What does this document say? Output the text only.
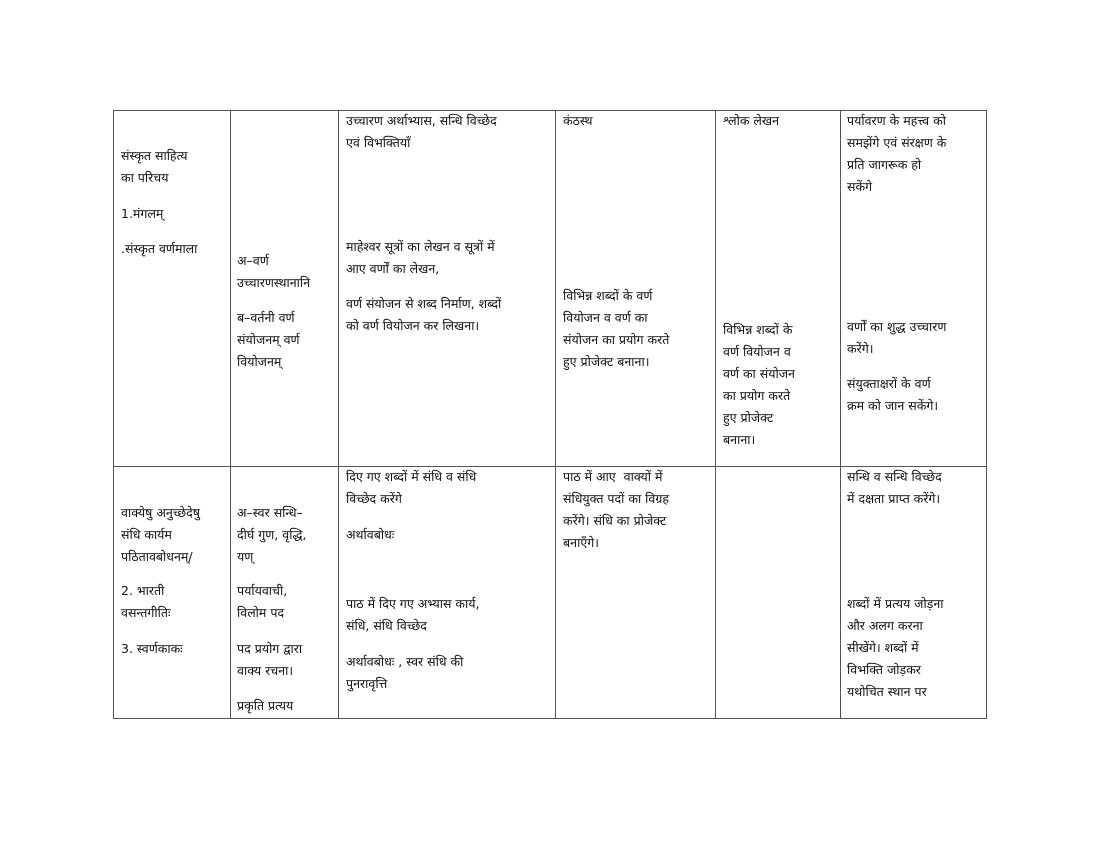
संस्कृत साहित्य
का परिचय

1.मंगलम्

.संस्कृत वर्णमाला

अ–वर्ण
उच्चारणस्थानानि

ब–वर्तनी वर्ण
संयोजनम् वर्ण
वियोजनम्

उच्चारण अर्थाभ्यास, सन्धि विच्छेद
एवं विभक्तियाँ

माहेश्वर सूत्रों का लेखन व सूत्रों में
आए वर्णों का लेखन,

वर्ण संयोजन से शब्द निर्माण, शब्दों
को वर्ण वियोजन कर लिखना।

कंठस्थ

विभिन्न शब्दों के वर्ण
वियोजन व वर्ण का
संयोजन का प्रयोग करते
हुए प्रोजेक्ट बनाना।

श्लोक लेखन

विभिन्न शब्दों के
वर्ण वियोजन व
वर्ण का संयोजन
का प्रयोग करते
हुए प्रोजेक्ट
बनाना।

पर्यावरण के महत्त्व को
समझेंगे एवं संरक्षण के
प्रति जागरूक हो
सकेंगे

वर्णों का शुद्ध उच्चारण
करेंगे।

संयुक्ताक्षरों के वर्ण
क्रम को जान सकेंगे।

वाक्येषु अनुच्छेदेषु
संधि कार्यम
पठितावबोधनम्/

2. भारती
वसन्तगीतिः

3. स्वर्णकाकः

अ–स्वर सन्धि–
दीर्घ गुण, वृद्धि,
यण्

पर्यायवाची,
विलोम पद

पद प्रयोग द्वारा
वाक्य रचना।

प्रकृति प्रत्यय

दिए गए शब्दों में संधि व संधि
विच्छेद करेंगे

अर्थावबोधः

पाठ में दिए गए अभ्यास कार्य,
संधि, संधि विच्छेद

अर्थावबोधः , स्वर संधि की
पुनरावृत्ति

पाठ में आए  वाक्यों में
संधियुक्त पदों का विग्रह
करेंगे। संधि का प्रोजेक्ट
बनाएँगे।

सन्धि व सन्धि विच्छेद
में दक्षता प्राप्त करेंगे।

शब्दों में प्रत्यय जोड़ना
और अलग करना
सीखेंगे। शब्दों में
विभक्ति जोड़कर
यथोचित स्थान पर
